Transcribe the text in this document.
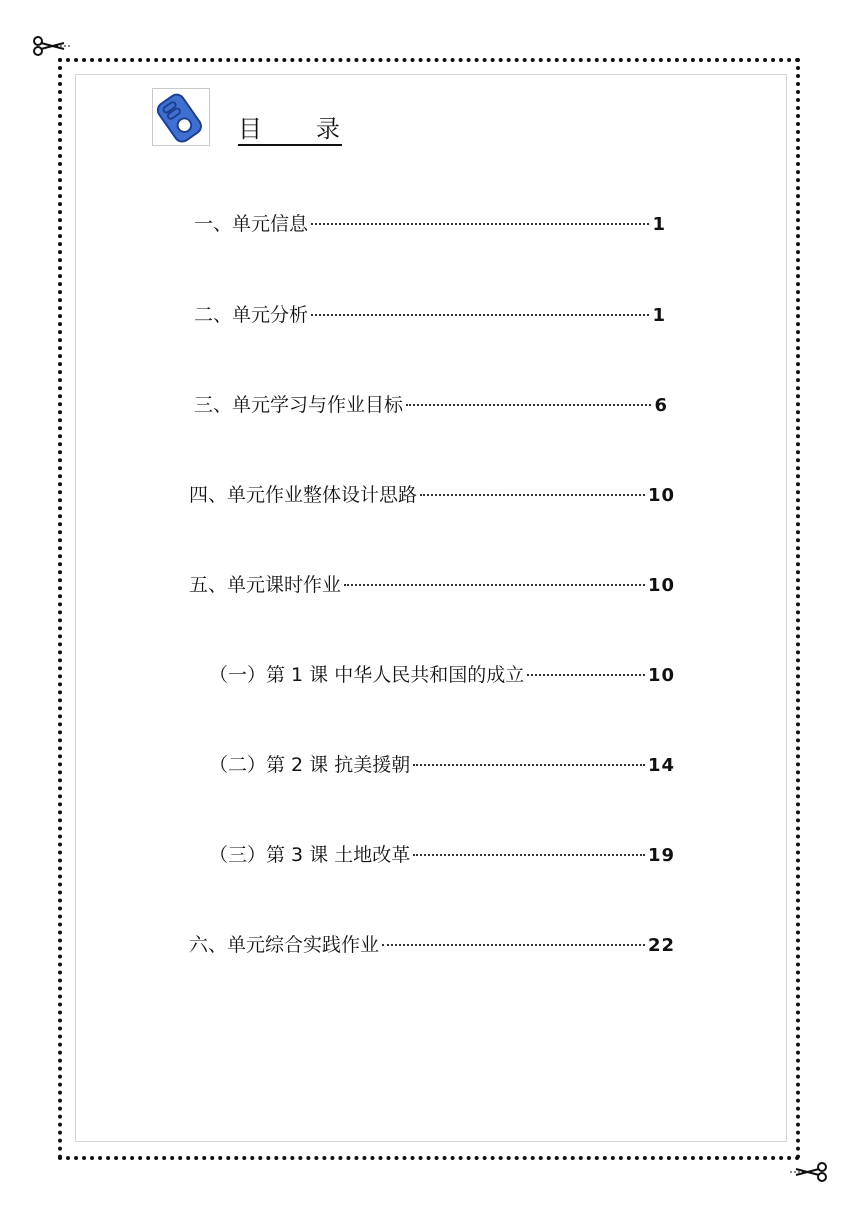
目　　录
一、单元信息	1
二、单元分析	1
三、单元学习与作业目标	6
四、单元作业整体设计思路	10
五、单元课时作业	10
（一）第 1 课 中华人民共和国的成立	10
（二）第 2 课 抗美援朝	14
（三）第 3 课 土地改革	19
六、单元综合实践作业	22
